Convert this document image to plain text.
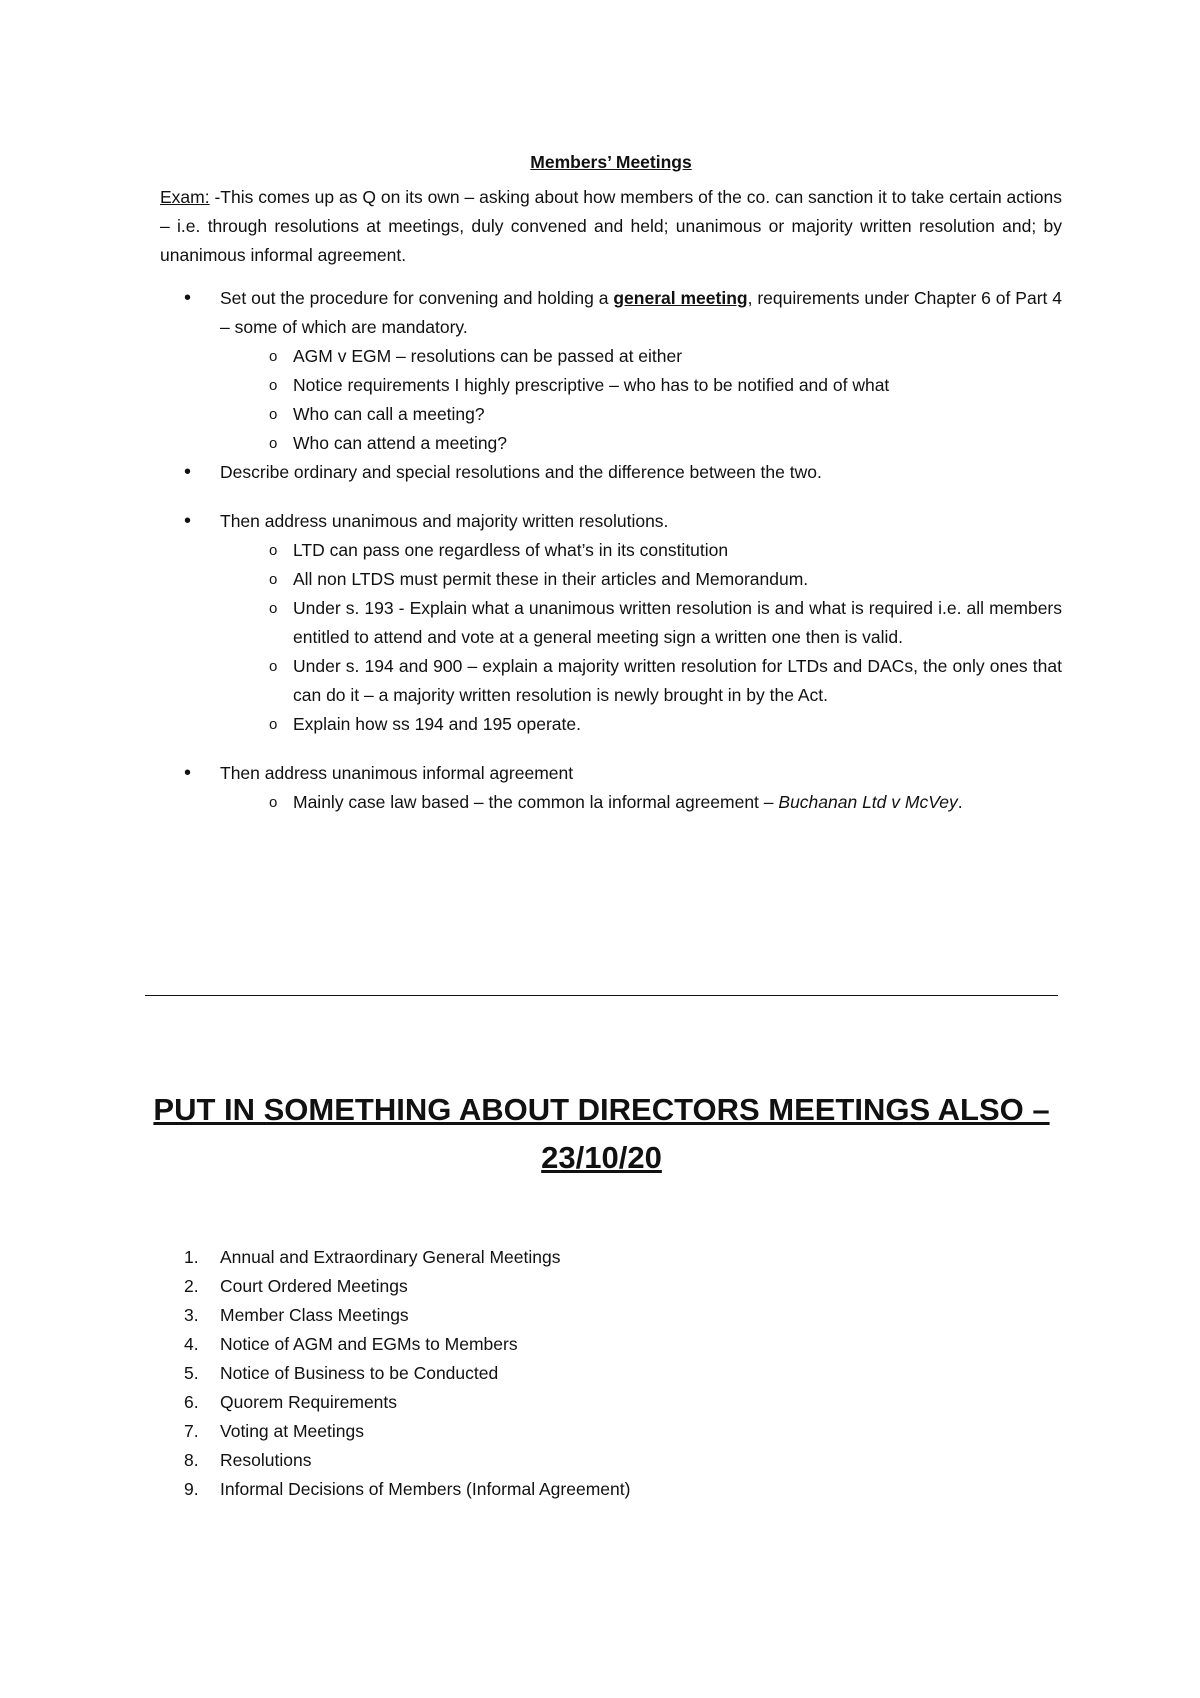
Members’ Meetings

Exam: -This comes up as Q on its own – asking about how members of the co. can sanction it to take certain actions – i.e. through resolutions at meetings, duly convened and held; unanimous or majority written resolution and; by unanimous informal agreement.

• Set out the procedure for convening and holding a general meeting, requirements under Chapter 6 of Part 4 – some of which are mandatory.
o AGM v EGM – resolutions can be passed at either
o Notice requirements I highly prescriptive – who has to be notified and of what
o Who can call a meeting?
o Who can attend a meeting?
• Describe ordinary and special resolutions and the difference between the two.
• Then address unanimous and majority written resolutions.
o LTD can pass one regardless of what’s in its constitution
o All non LTDS must permit these in their articles and Memorandum.
o Under s. 193 - Explain what a unanimous written resolution is and what is required i.e. all members entitled to attend and vote at a general meeting sign a written one then is valid.
o Under s. 194 and 900 – explain a majority written resolution for LTDs and DACs, the only ones that can do it – a majority written resolution is newly brought in by the Act.
o Explain how ss 194 and 195 operate.
• Then address unanimous informal agreement
o Mainly case law based – the common la informal agreement – Buchanan Ltd v McVey.
PUT IN SOMETHING ABOUT DIRECTORS MEETINGS ALSO – 23/10/20
1. Annual and Extraordinary General Meetings
2. Court Ordered Meetings
3. Member Class Meetings
4. Notice of AGM and EGMs to Members
5. Notice of Business to be Conducted
6. Quorem Requirements
7. Voting at Meetings
8. Resolutions
9. Informal Decisions of Members (Informal Agreement)
